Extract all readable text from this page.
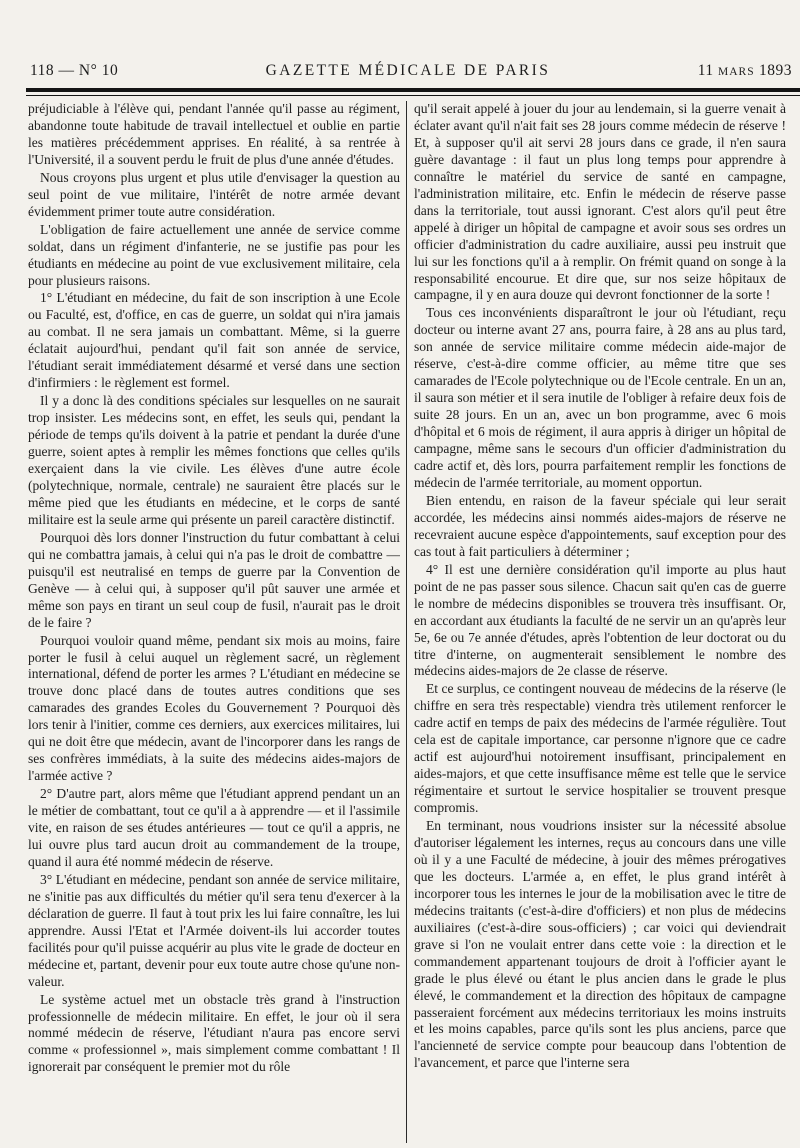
118 — N° 10	GAZETTE MÉDICALE DE PARIS	11 MARS 1893

préjudiciable à l'élève qui, pendant l'année qu'il passe au régiment, abandonne toute habitude de travail intellectuel et oublie en partie les matières précédemment apprises. En réalité, à sa rentrée à l'Université, il a souvent perdu le fruit de plus d'une année d'études.

Nous croyons plus urgent et plus utile d'envisager la question au seul point de vue militaire, l'intérêt de notre armée devant évidemment primer toute autre considération.

L'obligation de faire actuellement une année de service comme soldat, dans un régiment d'infanterie, ne se justifie pas pour les étudiants en médecine au point de vue exclusivement militaire, cela pour plusieurs raisons.

1° L'étudiant en médecine, du fait de son inscription à une Ecole ou Faculté, est, d'office, en cas de guerre, un soldat qui n'ira jamais au combat. Il ne sera jamais un combattant. Même, si la guerre éclatait aujourd'hui, pendant qu'il fait son année de service, l'étudiant serait immédiatement désarmé et versé dans une section d'infirmiers : le règlement est formel.

Il y a donc là des conditions spéciales sur lesquelles on ne saurait trop insister. Les médecins sont, en effet, les seuls qui, pendant la période de temps qu'ils doivent à la patrie et pendant la durée d'une guerre, soient aptes à remplir les mêmes fonctions que celles qu'ils exerçaient dans la vie civile. Les élèves d'une autre école (polytechnique, normale, centrale) ne sauraient être placés sur le même pied que les étudiants en médecine, et le corps de santé militaire est la seule arme qui présente un pareil caractère distinctif.

Pourquoi dès lors donner l'instruction du futur combattant à celui qui ne combattra jamais, à celui qui n'a pas le droit de combattre — puisqu'il est neutralisé en temps de guerre par la Convention de Genève — à celui qui, à supposer qu'il pût sauver une armée et même son pays en tirant un seul coup de fusil, n'aurait pas le droit de le faire ?

Pourquoi vouloir quand même, pendant six mois au moins, faire porter le fusil à celui auquel un règlement sacré, un règlement international, défend de porter les armes ? L'étudiant en médecine se trouve donc placé dans de toutes autres conditions que ses camarades des grandes Ecoles du Gouvernement ? Pourquoi dès lors tenir à l'initier, comme ces derniers, aux exercices militaires, lui qui ne doit être que médecin, avant de l'incorporer dans les rangs de ses confrères immédiats, à la suite des médecins aides-majors de l'armée active ?

2° D'autre part, alors même que l'étudiant apprend pendant un an le métier de combattant, tout ce qu'il a à apprendre — et il l'assimile vite, en raison de ses études antérieures — tout ce qu'il a appris, ne lui ouvre plus tard aucun droit au commandement de la troupe, quand il aura été nommé médecin de réserve.

3° L'étudiant en médecine, pendant son année de service militaire, ne s'initie pas aux difficultés du métier qu'il sera tenu d'exercer à la déclaration de guerre. Il faut à tout prix les lui faire connaître, les lui apprendre. Aussi l'Etat et l'Armée doivent-ils lui accorder toutes facilités pour qu'il puisse acquérir au plus vite le grade de docteur en médecine et, partant, devenir pour eux toute autre chose qu'une non-valeur.

Le système actuel met un obstacle très grand à l'instruction professionnelle de médecin militaire. En effet, le jour où il sera nommé médecin de réserve, l'étudiant n'aura pas encore servi comme « professionnel », mais simplement comme combattant ! Il ignorerait par conséquent le premier mot du rôle

qu'il serait appelé à jouer du jour au lendemain, si la guerre venait à éclater avant qu'il n'ait fait ses 28 jours comme médecin de réserve ! Et, à supposer qu'il ait servi 28 jours dans ce grade, il n'en saura guère davantage : il faut un plus long temps pour apprendre à connaître le matériel du service de santé en campagne, l'administration militaire, etc. Enfin le médecin de réserve passe dans la territoriale, tout aussi ignorant. C'est alors qu'il peut être appelé à diriger un hôpital de campagne et avoir sous ses ordres un officier d'administration du cadre auxiliaire, aussi peu instruit que lui sur les fonctions qu'il a à remplir. On frémit quand on songe à la responsabilité encourue. Et dire que, sur nos seize hôpitaux de campagne, il y en aura douze qui devront fonctionner de la sorte !

Tous ces inconvénients disparaîtront le jour où l'étudiant, reçu docteur ou interne avant 27 ans, pourra faire, à 28 ans au plus tard, son année de service militaire comme médecin aide-major de réserve, c'est-à-dire comme officier, au même titre que ses camarades de l'Ecole polytechnique ou de l'Ecole centrale. En un an, il saura son métier et il sera inutile de l'obliger à refaire deux fois de suite 28 jours. En un an, avec un bon programme, avec 6 mois d'hôpital et 6 mois de régiment, il aura appris à diriger un hôpital de campagne, même sans le secours d'un officier d'administration du cadre actif et, dès lors, pourra parfaitement remplir les fonctions de médecin de l'armée territoriale, au moment opportun.

Bien entendu, en raison de la faveur spéciale qui leur serait accordée, les médecins ainsi nommés aides-majors de réserve ne recevraient aucune espèce d'appointements, sauf exception pour des cas tout à fait particuliers à déterminer ;

4° Il est une dernière considération qu'il importe au plus haut point de ne pas passer sous silence. Chacun sait qu'en cas de guerre le nombre de médecins disponibles se trouvera très insuffisant. Or, en accordant aux étudiants la faculté de ne servir un an qu'après leur 5e, 6e ou 7e année d'études, après l'obtention de leur doctorat ou du titre d'interne, on augmenterait sensiblement le nombre des médecins aides-majors de 2e classe de réserve.

Et ce surplus, ce contingent nouveau de médecins de la réserve (le chiffre en sera très respectable) viendra très utilement renforcer le cadre actif en temps de paix des médecins de l'armée régulière. Tout cela est de capitale importance, car personne n'ignore que ce cadre actif est aujourd'hui notoirement insuffisant, principalement en aides-majors, et que cette insuffisance même est telle que le service régimentaire et surtout le service hospitalier se trouvent presque compromis.

En terminant, nous voudrions insister sur la nécessité absolue d'autoriser légalement les internes, reçus au concours dans une ville où il y a une Faculté de médecine, à jouir des mêmes prérogatives que les docteurs. L'armée a, en effet, le plus grand intérêt à incorporer tous les internes le jour de la mobilisation avec le titre de médecins traitants (c'est-à-dire d'officiers) et non plus de médecins auxiliaires (c'est-à-dire sous-officiers) ; car voici qui deviendrait grave si l'on ne voulait entrer dans cette voie : la direction et le commandement appartenant toujours de droit à l'officier ayant le grade le plus élevé ou étant le plus ancien dans le grade le plus élevé, le commandement et la direction des hôpitaux de campagne passeraient forcément aux médecins territoriaux les moins instruits et les moins capables, parce qu'ils sont les plus anciens, parce que l'ancienneté de service compte pour beaucoup dans l'obtention de l'avancement, et parce que l'interne sera
